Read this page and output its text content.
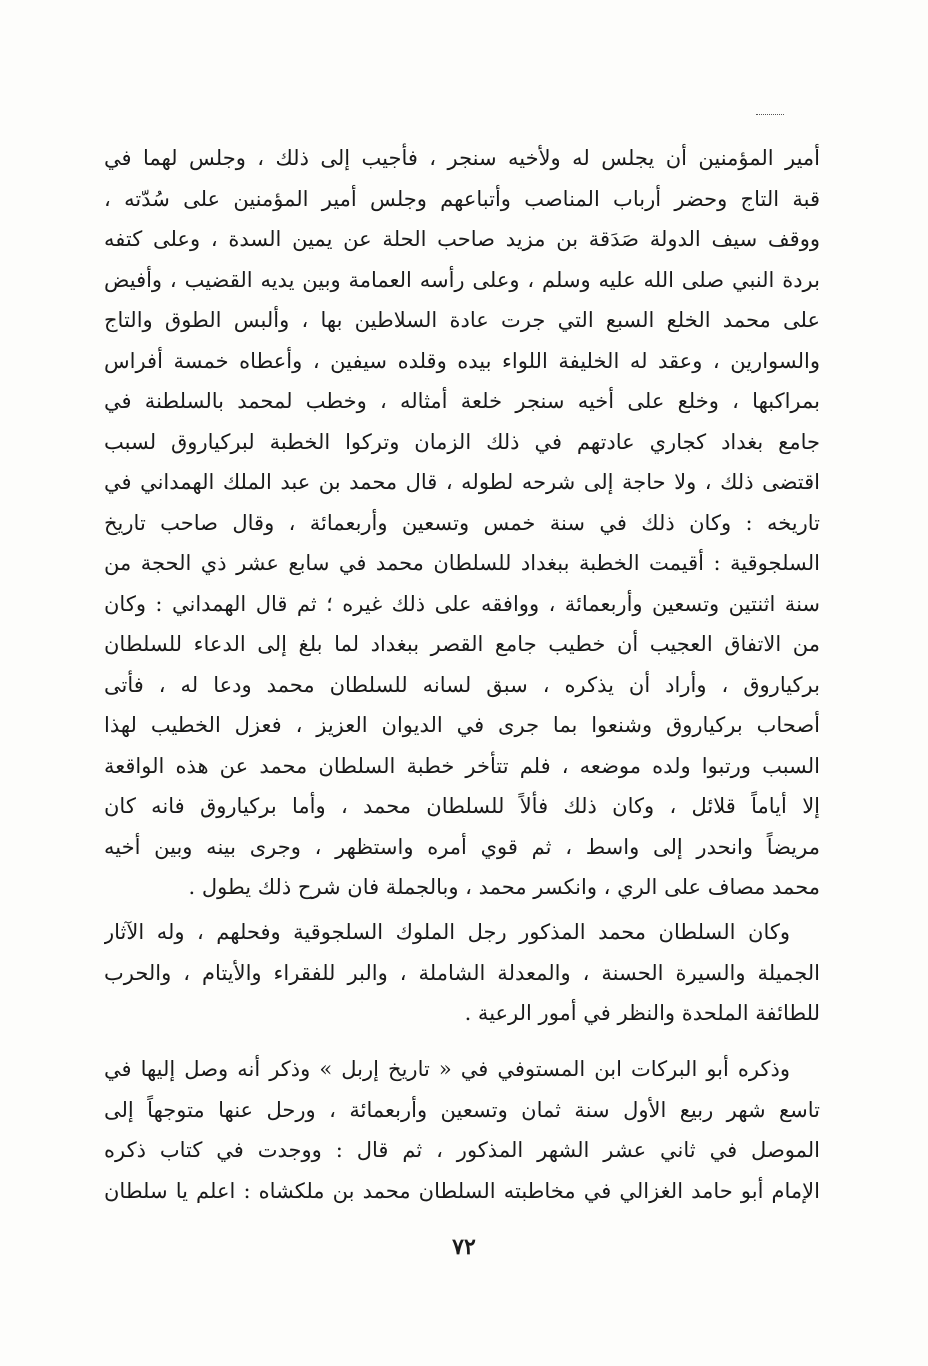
أمير المؤمنين أن يجلس له ولأخيه سنجر ، فأجيب إلى ذلك ، وجلس لهما في
قبة التاج وحضر أرباب المناصب وأتباعهم وجلس أمير المؤمنين على سُدّته ،
ووقف سيف الدولة صَدَقة بن مزيد صاحب الحلة عن يمين السدة ، وعلى كتفه
بردة النبي صلى الله عليه وسلم ، وعلى رأسه العمامة وبين يديه القضيب ، وأفيض
على محمد الخلع السبع التي جرت عادة السلاطين بها ، وألبس الطوق والتاج
والسوارين ، وعقد له الخليفة اللواء بيده وقلده سيفين ، وأعطاه خمسة أفراس
بمراكبها ، وخلع على أخيه سنجر خلعة أمثاله ، وخطب لمحمد بالسلطنة في
جامع بغداد كجاري عادتهم في ذلك الزمان وتركوا الخطبة لبركياروق لسبب
اقتضى ذلك ، ولا حاجة إلى شرحه لطوله ، قال محمد بن عبد الملك الهمداني في
تاريخه : وكان ذلك في سنة خمس وتسعين وأربعمائة ، وقال صاحب تاريخ
السلجوقية : أقيمت الخطبة ببغداد للسلطان محمد في سابع عشر ذي الحجة من
سنة اثنتين وتسعين وأربعمائة ، ووافقه على ذلك غيره ؛ ثم قال الهمداني : وكان
من الاتفاق العجيب أن خطيب جامع القصر ببغداد لما بلغ إلى الدعاء للسلطان
بركياروق ، وأراد أن يذكره ، سبق لسانه للسلطان محمد ودعا له ، فأتى
أصحاب بركياروق وشنعوا بما جرى في الديوان العزيز ، فعزل الخطيب لهذا
السبب ورتبوا ولده موضعه ، فلم تتأخر خطبة السلطان محمد عن هذه الواقعة
إلا أياماً قلائل ، وكان ذلك فألاً للسلطان محمد ، وأما بركياروق فانه كان
مريضاً وانحدر إلى واسط ، ثم قوي أمره واستظهر ، وجرى بينه وبين أخيه
محمد مصاف على الري ، وانكسر محمد ، وبالجملة فان شرح ذلك يطول .
وكان السلطان محمد المذكور رجل الملوك السلجوقية وفحلهم ، وله الآثار
الجميلة والسيرة الحسنة ، والمعدلة الشاملة ، والبر للفقراء والأيتام ، والحرب
للطائفة الملحدة والنظر في أمور الرعية .
وذكره أبو البركات ابن المستوفي في « تاريخ إربل » وذكر أنه وصل إليها في
تاسع شهر ربيع الأول سنة ثمان وتسعين وأربعمائة ، ورحل عنها متوجهاً إلى
الموصل في ثاني عشر الشهر المذكور ، ثم قال : ووجدت في كتاب ذكره
الإمام أبو حامد الغزالي في مخاطبته السلطان محمد بن ملكشاه : اعلم يا سلطان
٧٢
